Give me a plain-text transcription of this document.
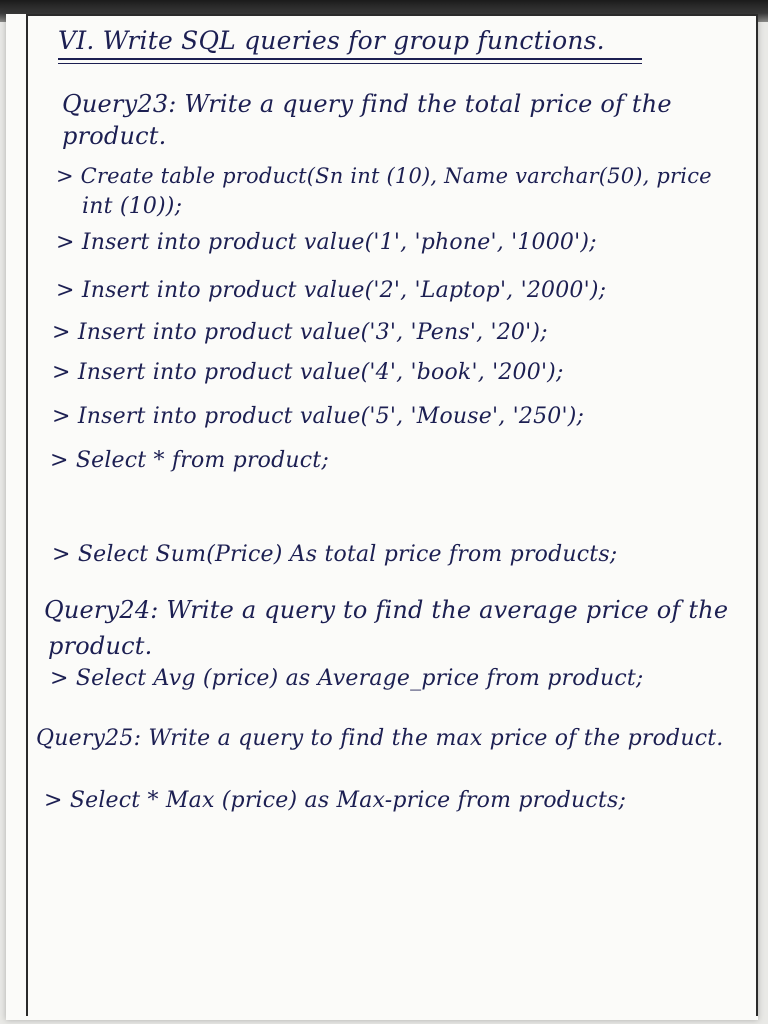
VI. Write SQL queries for group functions.
Query23: Write a query find the total price of the
product.
> Create table product(Sn int (10), Name varchar(50), price
int (10));
> Insert into product value('1', 'phone', '1000');
> Insert into product value('2', 'Laptop', '2000');
> Insert into product value('3', 'Pens', '20');
> Insert into product value('4', 'book', '200');
> Insert into product value('5', 'Mouse', '250');
> Select * from product;
> Select Sum(Price) As total price from products;
Query24: Write a query to find the average price of the
product.
> Select Avg (price) as Average_price from product;
Query25: Write a query to find the max price of the product.
> Select * Max (price) as Max-price from products;
